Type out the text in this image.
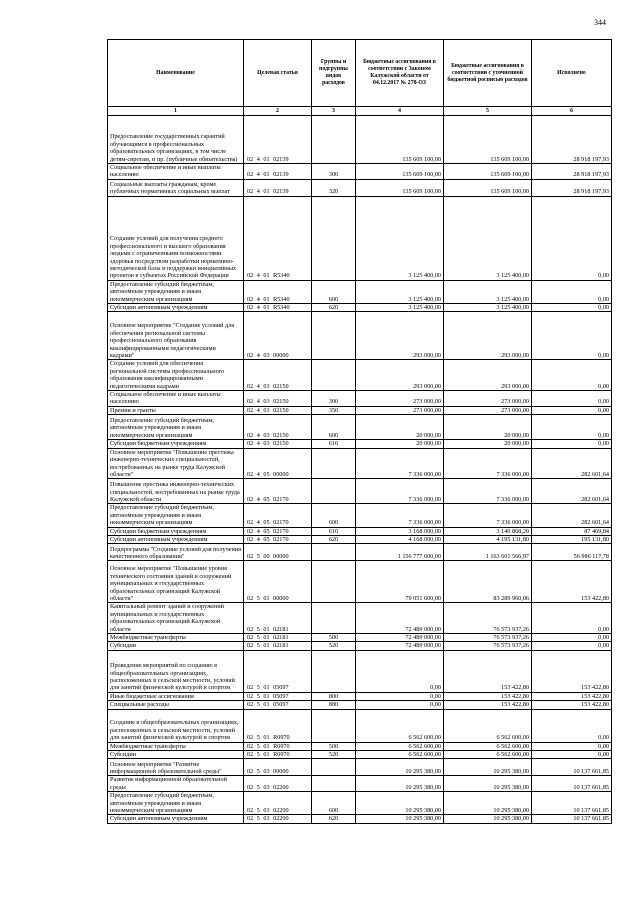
344
Наименование	Целевая статья	Группы и подгруппы видов расходов	Бюджетные ассигнования в соответствии с Законом Калужской области от 04.12.2017 № 278-ОЗ	Бюджетные ассигнования в соответствии с уточненной бюджетной росписью расходов	Исполнено
1	2	3	4	5	6
Предоставление государственных гарантий обучающимся в профессиональных образовательных организациях, в том числе детям-сиротам, и пр. (публичные обязательства)	02 4 01 02139		135 609 100,00	135 609 100,00	28 918 197,93
Социальное обеспечение и иные выплаты населению	02 4 01 02139	300	135 609 100,00	135 609 100,00	28 918 197,93
Социальные выплаты гражданам, кроме публичных нормативных социальных выплат	02 4 01 02139	320	135 609 100,00	135 609 100,00	28 918 197,93
Создание условий для получения среднего профессионального и высшего образования людьми с ограниченными возможностями здоровья посредством разработки нормативно-методической базы и поддержки инициативных проектов в субъектах Российской Федерации	02 4 01 R5340		3 125 400,00	3 125 400,00	0,00
Предоставление субсидий бюджетным, автономным учреждениям и иным некоммерческим организациям	02 4 01 R5340	600	3 125 400,00	3 125 400,00	0,00
Субсидии автономным учреждениям	02 4 01 R5340	620	3 125 400,00	3 125 400,00	0,00
Основное мероприятие "Создание условий для обеспечения региональной системы профессионального образования квалифицированными педагогическими кадрами"	02 4 03 00000		293 000,00	293 000,00	0,00
Создание условий для обеспечения региональной системы профессионального образования квалифицированными педагогическими кадрами	02 4 03 02150		293 000,00	293 000,00	0,00
Социальное обеспечение и иные выплаты населению	02 4 03 02150	300	273 000,00	273 000,00	0,00
Премии и гранты	02 4 03 02150	350	273 000,00	273 000,00	0,00
Предоставление субсидий бюджетным, автономным учреждениям и иным некоммерческим организациям	02 4 03 02150	600	20 000,00	20 000,00	0,00
Субсидии бюджетным учреждениям	02 4 03 02150	610	20 000,00	20 000,00	0,00
Основное мероприятие "Повышение престижа инженерно-технических специальностей, востребованных на рынке труда Калужской области"	02 4 05 00000		7 336 000,00	7 336 000,00	282 601,64
Повышение престижа инженерно-технических специальностей, востребованных на рынке труда Калужской области	02 4 05 02170		7 336 000,00	7 336 000,00	282 601,64
Предоставление субсидий бюджетным, автономным учреждениям и иным некоммерческим организациям	02 4 05 02170	600	7 336 000,00	7 336 000,00	282 601,64
Субсидии бюджетным учреждениям	02 4 05 02170	610	3 168 000,00	3 140 868,20	87 469,84
Субсидии автономным учреждениям	02 4 05 02170	620	4 168 000,00	4 195 131,80	195 131,80
Подпрограмма "Создание условий для получения качественного образования"	02 5 00 00000		1 156 777 600,00	1 163 601 566,97	56 986 117,78
Основное мероприятие "Повышение уровня технического состояния зданий и сооружений муниципальных и государственных образовательных организаций Калужской области"	02 5 01 00000		79 051 600,00	83 289 960,06	153 422,80
Капитальный ремонт зданий и сооружений муниципальных и государственных образовательных организаций Калужской области	02 5 01 02181		72 489 000,00	76 573 937,26	0,00
Межбюджетные трансферты	02 5 01 02181	500	72 489 000,00	76 573 937,26	0,00
Субсидии	02 5 01 02181	520	72 489 000,00	76 573 937,26	0,00
Проведение мероприятий по созданию в общеобразовательных организациях, расположенных в сельской местности, условий для занятий физической культурой и спортом	02 5 01 05097		0,00	153 422,80	153 422,80
Иные бюджетные ассигнования	02 5 01 05097	800	0,00	153 422,80	153 422,80
Специальные расходы	02 5 01 05097	880	0,00	153 422,80	153 422,80
Создание в общеобразовательных организациях, расположенных в сельской местности, условий для занятий физической культурой и спортом	02 5 01 R0970		6 562 600,00	6 562 600,00	0,00
Межбюджетные трансферты	02 5 01 R0970	500	6 562 600,00	6 562 600,00	0,00
Субсидии	02 5 01 R0970	520	6 562 600,00	6 562 600,00	0,00
Основное мероприятие "Развитие информационной образовательной среды"	02 5 03 00000		10 295 380,00	10 295 380,00	10 137 661,85
Развитие информационной образовательной среды	02 5 03 02200		10 295 380,00	10 295 380,00	10 137 661,85
Предоставление субсидий бюджетным, автономным учреждениям и иным некоммерческим организациям	02 5 03 02200	600	10 295 380,00	10 295 380,00	10 137 661,85
Субсидии автономным учреждениям	02 5 03 02200	620	10 295 380,00	10 295 380,00	10 137 661,85
